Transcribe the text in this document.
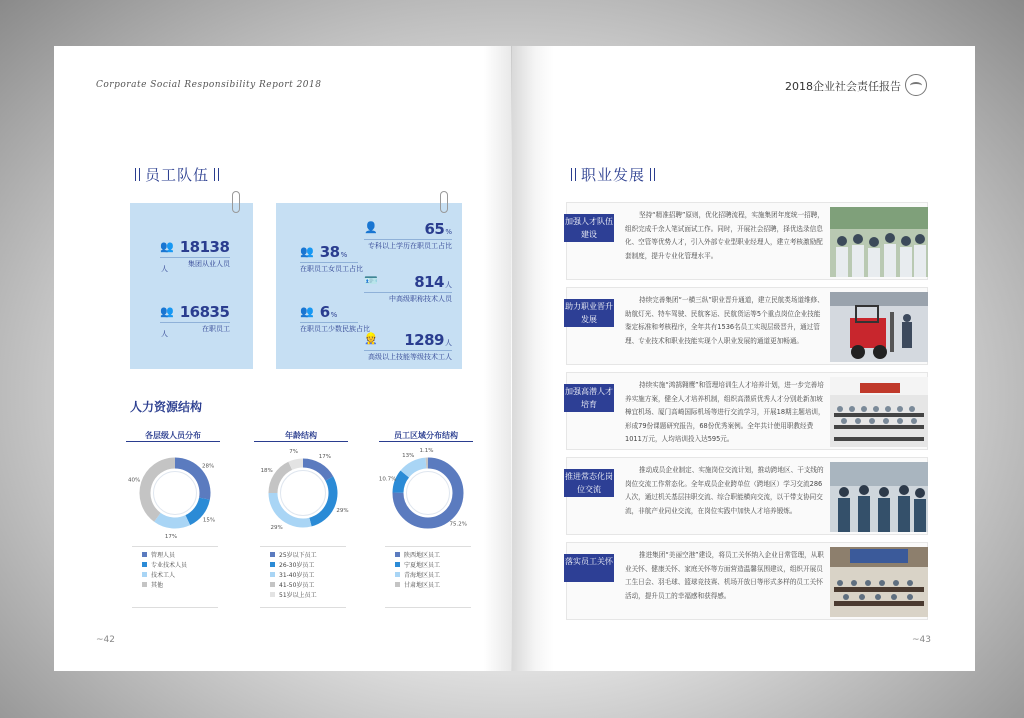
Corporate Social Responsibility Report 2018
员工队伍
👥 18138人
集团从业人员
👥 16835人
在职员工
👥 38%
在职员工女员工占比
👥 6%
在职员工少数民族占比
👤	65%
专科以上学历在职员工占比
🪪 814人
中高级职称技术人员
👷 1289人
高级以上技能等级技术工人
人力资源结构
各层级人员分布	年龄结构	员工区域分布结构
28%
15%
17%
40%
17%
29%
29%
18%
7%
75.2%
10.7%
13%
1.1%
管理人员
专业技术人员
技术工人
其他
25岁以下员工
26-30岁员工
31-40岁员工
41-50岁员工
51岁以上员工
陕西地区员工
宁夏地区员工
青海地区员工
甘肃地区员工
~42
2018企业社会责任报告
职业发展
加强人才队伍建设
坚持“精准招聘”原则，优化招聘流程，实施集团年度统一招聘，组织完成千余人笔试面试工作。同时，开展社会招聘，择优选录信息化、空管等优势人才，引入外部专业型职业经理人，建立考核激励配套制度，提升专业化管理水平。
助力职业晋升发展
持续完善集团“一横三纵”职业晋升通道，建立民航类场道维修、助航灯光、特车驾驶、民航客运、民航货运等5个重点岗位企业技能鉴定标准和考核程序，全年共有1536名员工实现层级晋升，通过管理、专业技术和职业技能实现个人职业发展的通道更加畅通。
加强高潜人才培育
持续实施“鸿鹄翱鹰”和管理培训生人才培养计划，进一步完善培养实施方案，健全人才培养机制，组织高潜质优秀人才分别赴新加坡樟宜机场、厦门高崎国际机场等进行交流学习，开展18期主题培训，形成79份课题研究报告，68份优秀案例。全年共计使用职教经费1011万元，人均培训投入达595元。
推进常态化岗位交流
推动成员企业制定、实施岗位交流计划，推动跨地区、干支线的岗位交流工作常态化。全年成员企业跨单位（跨地区）学习交流286人次，通过机关基层挂职交流、综合职能横向交流，以干带支协同交流，非航产业同业交流，在岗位实践中加快人才培养锻炼。
落实员工关怀
推进集团“美丽空港”建设，将员工关怀纳入企业日常管理，从职业关怀、健康关怀、家庭关怀等方面营造温馨氛围建议，组织开展员工生日会、羽毛球、篮球竞技赛、机场开放日等形式多样的员工关怀活动，提升员工的幸福感和获得感。
~43
